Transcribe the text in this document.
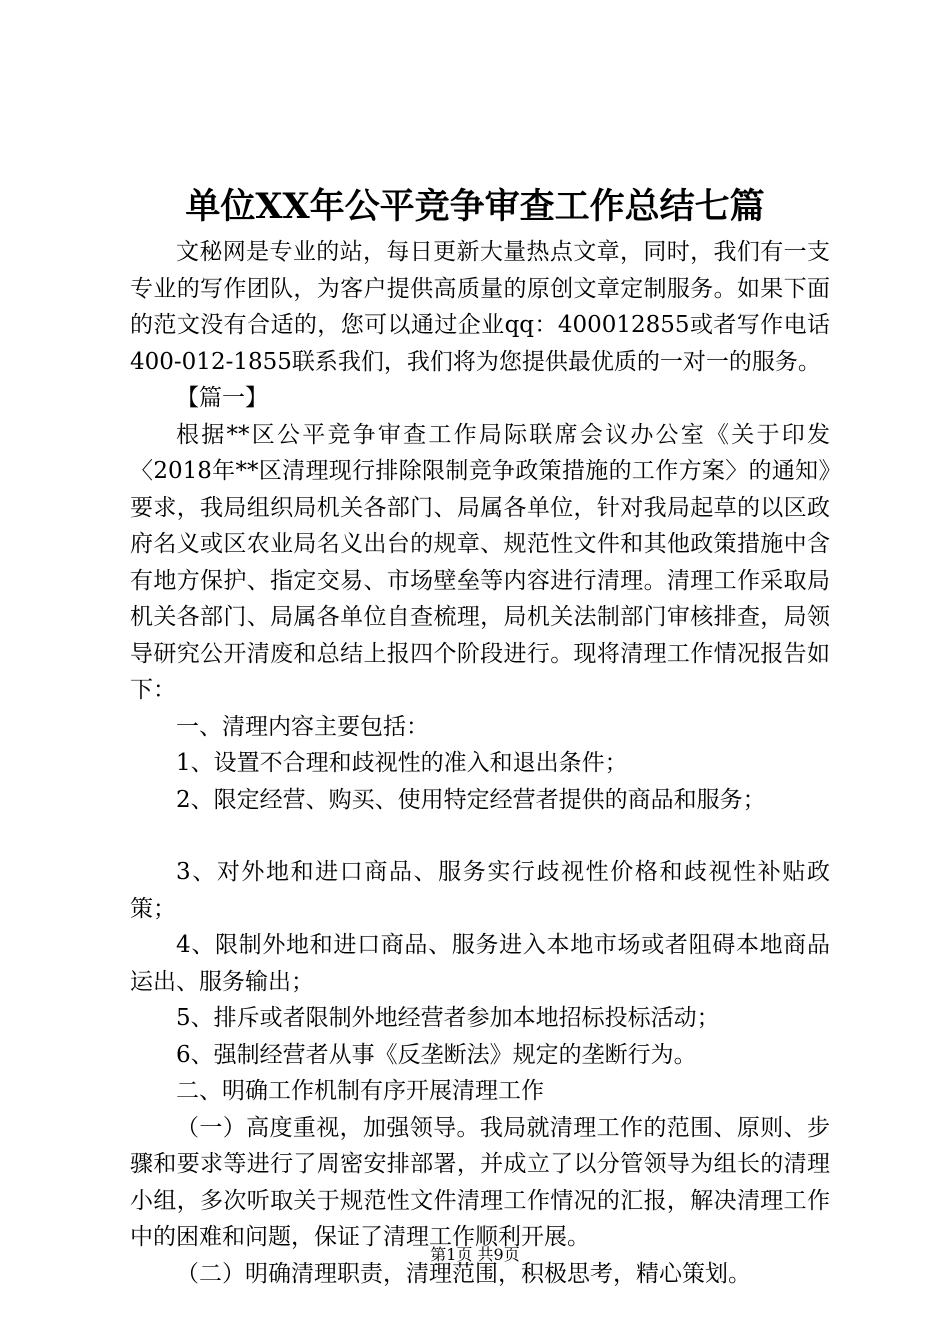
单位XX年公平竞争审查工作总结七篇

文秘网是专业的站，每日更新大量热点文章，同时，我们有一支专业的写作团队，为客户提供高质量的原创文章定制服务。如果下面的范文没有合适的，您可以通过企业qq：400012855或者写作电话400-012-1855联系我们，我们将为您提供最优质的一对一的服务。

【篇一】

根据**区公平竞争审查工作局际联席会议办公室《关于印发〈2018年**区清理现行排除限制竞争政策措施的工作方案〉的通知》要求，我局组织局机关各部门、局属各单位，针对我局起草的以区政府名义或区农业局名义出台的规章、规范性文件和其他政策措施中含有地方保护、指定交易、市场壁垒等内容进行清理。清理工作采取局机关各部门、局属各单位自查梳理，局机关法制部门审核排查，局领导研究公开清废和总结上报四个阶段进行。现将清理工作情况报告如下：

一、清理内容主要包括：

1、设置不合理和歧视性的准入和退出条件；

2、限定经营、购买、使用特定经营者提供的商品和服务；

3、对外地和进口商品、服务实行歧视性价格和歧视性补贴政策；

4、限制外地和进口商品、服务进入本地市场或者阻碍本地商品运出、服务输出；

5、排斥或者限制外地经营者参加本地招标投标活动；

6、强制经营者从事《反垄断法》规定的垄断行为。

二、明确工作机制有序开展清理工作

（一）高度重视，加强领导。我局就清理工作的范围、原则、步骤和要求等进行了周密安排部署，并成立了以分管领导为组长的清理小组，多次听取关于规范性文件清理工作情况的汇报，解决清理工作中的困难和问题，保证了清理工作顺利开展。

（二）明确清理职责，清理范围，积极思考，精心策划。

第1页 共9页
